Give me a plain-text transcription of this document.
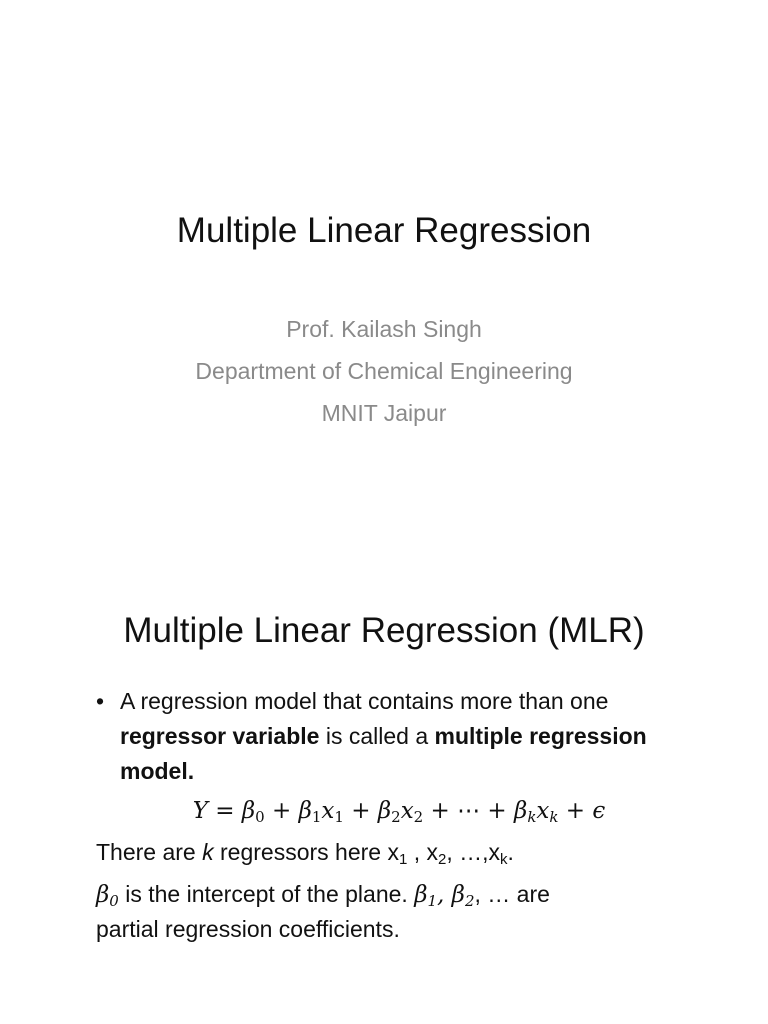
Multiple Linear Regression
Prof. Kailash Singh
Department of Chemical Engineering
MNIT Jaipur
Multiple Linear Regression (MLR)
• A regression model that contains more than one regressor variable is called a multiple regression model.
$Y = \beta_0 + \beta_1x_1 + \beta_2x_2$ + ⋯ + $\beta_kx_k + \epsilon$
There are k regressors here $x_1$ , $x_2$, $\dots,x_k$.
$\beta_0$ is the intercept of the plane. $\beta_1$, $\beta_2$, … are
partial regression coefficients.
